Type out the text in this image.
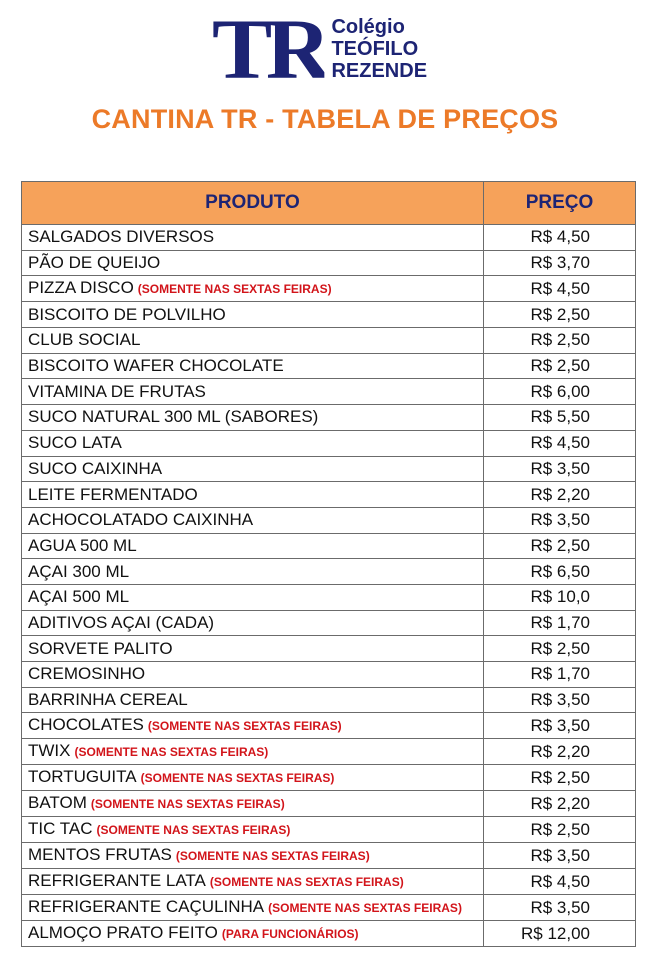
TR Colégio
TEÓFILO
REZENDE
CANTINA TR - TABELA DE PREÇOS
PRODUTO	PREÇO
SALGADOS DIVERSOS	R$ 4,50
PÃO DE QUEIJO	R$ 3,70
PIZZA DISCO (SOMENTE NAS SEXTAS FEIRAS)	R$ 4,50
BISCOITO DE POLVILHO	R$ 2,50
CLUB SOCIAL	R$ 2,50
BISCOITO WAFER CHOCOLATE	R$ 2,50
VITAMINA DE FRUTAS	R$ 6,00
SUCO NATURAL 300 ML (SABORES)	R$ 5,50
SUCO LATA	R$ 4,50
SUCO CAIXINHA	R$ 3,50
LEITE FERMENTADO	R$ 2,20
ACHOCOLATADO CAIXINHA	R$ 3,50
AGUA 500 ML	R$ 2,50
AÇAI 300 ML	R$ 6,50
AÇAI 500 ML	R$ 10,0
ADITIVOS AÇAI (CADA)	R$ 1,70
SORVETE PALITO	R$ 2,50
CREMOSINHO	R$ 1,70
BARRINHA CEREAL	R$ 3,50
CHOCOLATES (SOMENTE NAS SEXTAS FEIRAS)	R$ 3,50
TWIX (SOMENTE NAS SEXTAS FEIRAS)	R$ 2,20
TORTUGUITA (SOMENTE NAS SEXTAS FEIRAS)	R$ 2,50
BATOM (SOMENTE NAS SEXTAS FEIRAS)	R$ 2,20
TIC TAC (SOMENTE NAS SEXTAS FEIRAS)	R$ 2,50
MENTOS FRUTAS (SOMENTE NAS SEXTAS FEIRAS)	R$ 3,50
REFRIGERANTE LATA (SOMENTE NAS SEXTAS FEIRAS)	R$ 4,50
REFRIGERANTE CAÇULINHA (SOMENTE NAS SEXTAS FEIRAS)	R$ 3,50
ALMOÇO PRATO FEITO (PARA FUNCIONÁRIOS)	R$ 12,00
